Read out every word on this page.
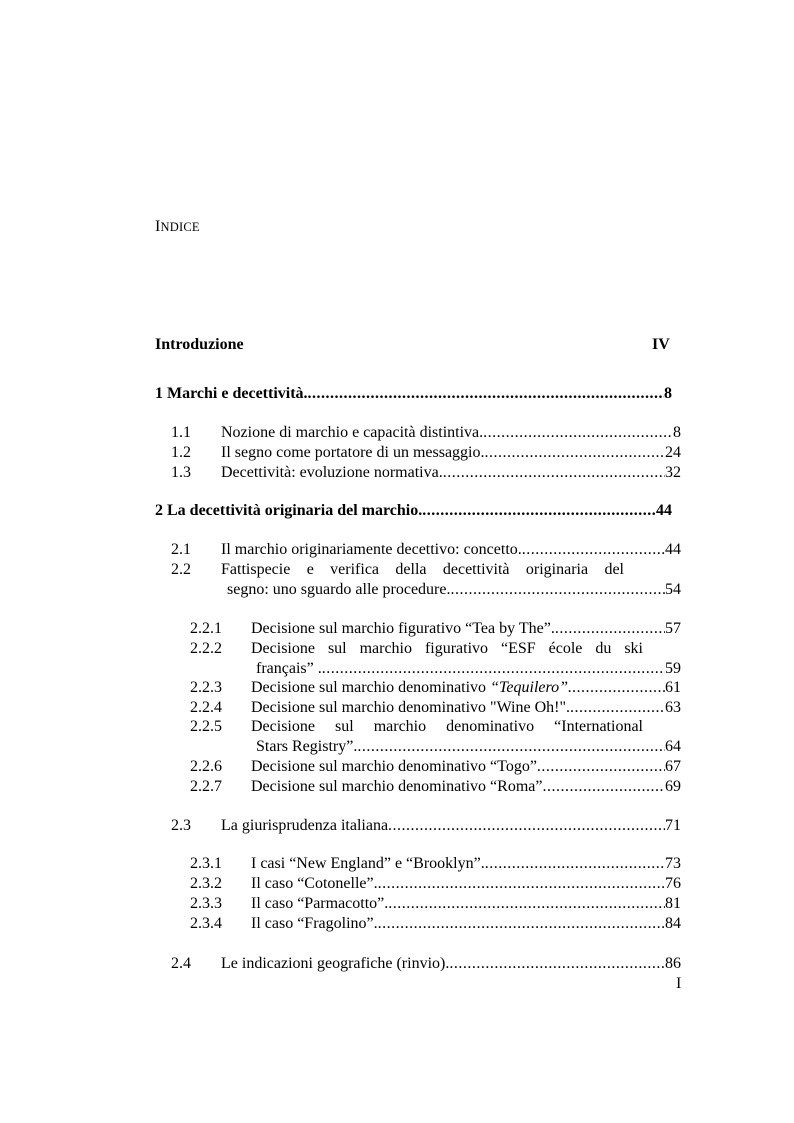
INDICE
Introduzione	IV
1 Marchi e decettività. .....	8
1.1 Nozione di marchio e capacità distintiva. .....	8
1.2 Il segno come portatore di un messaggio. .....	24
1.3 Decettività: evoluzione normativa. .....	32
2 La decettività originaria del marchio. .....	44
2.1 Il marchio originariamente decettivo: concetto. .....	44
2.2 Fattispecie e verifica della decettività originaria del
segno: uno sguardo alle procedure. .....	54
2.2.1 Decisione sul marchio figurativo “Tea by The”. .....	57
2.2.2 Decisione sul marchio figurativo “ESF école du ski
français” . .....	59
2.2.3 Decisione sul marchio denominativo “Tequilero”. .....	61
2.2.4 Decisione sul marchio denominativo "Wine Oh!". .....	63
2.2.5 Decisione sul marchio denominativo “International
Stars Registry”. .....	64
2.2.6 Decisione sul marchio denominativo “Togo” .....	67
2.2.7 Decisione sul marchio denominativo “Roma” .....	69
2.3 La giurisprudenza italiana .....	71
2.3.1 I casi “New England” e “Brooklyn”. .....	73
2.3.2 Il caso “Cotonelle”. .....	76
2.3.3 Il caso “Parmacotto”. .....	81
2.3.4 Il caso “Fragolino”. .....	84
2.4 Le indicazioni geografiche (rinvio). .....	86
I
